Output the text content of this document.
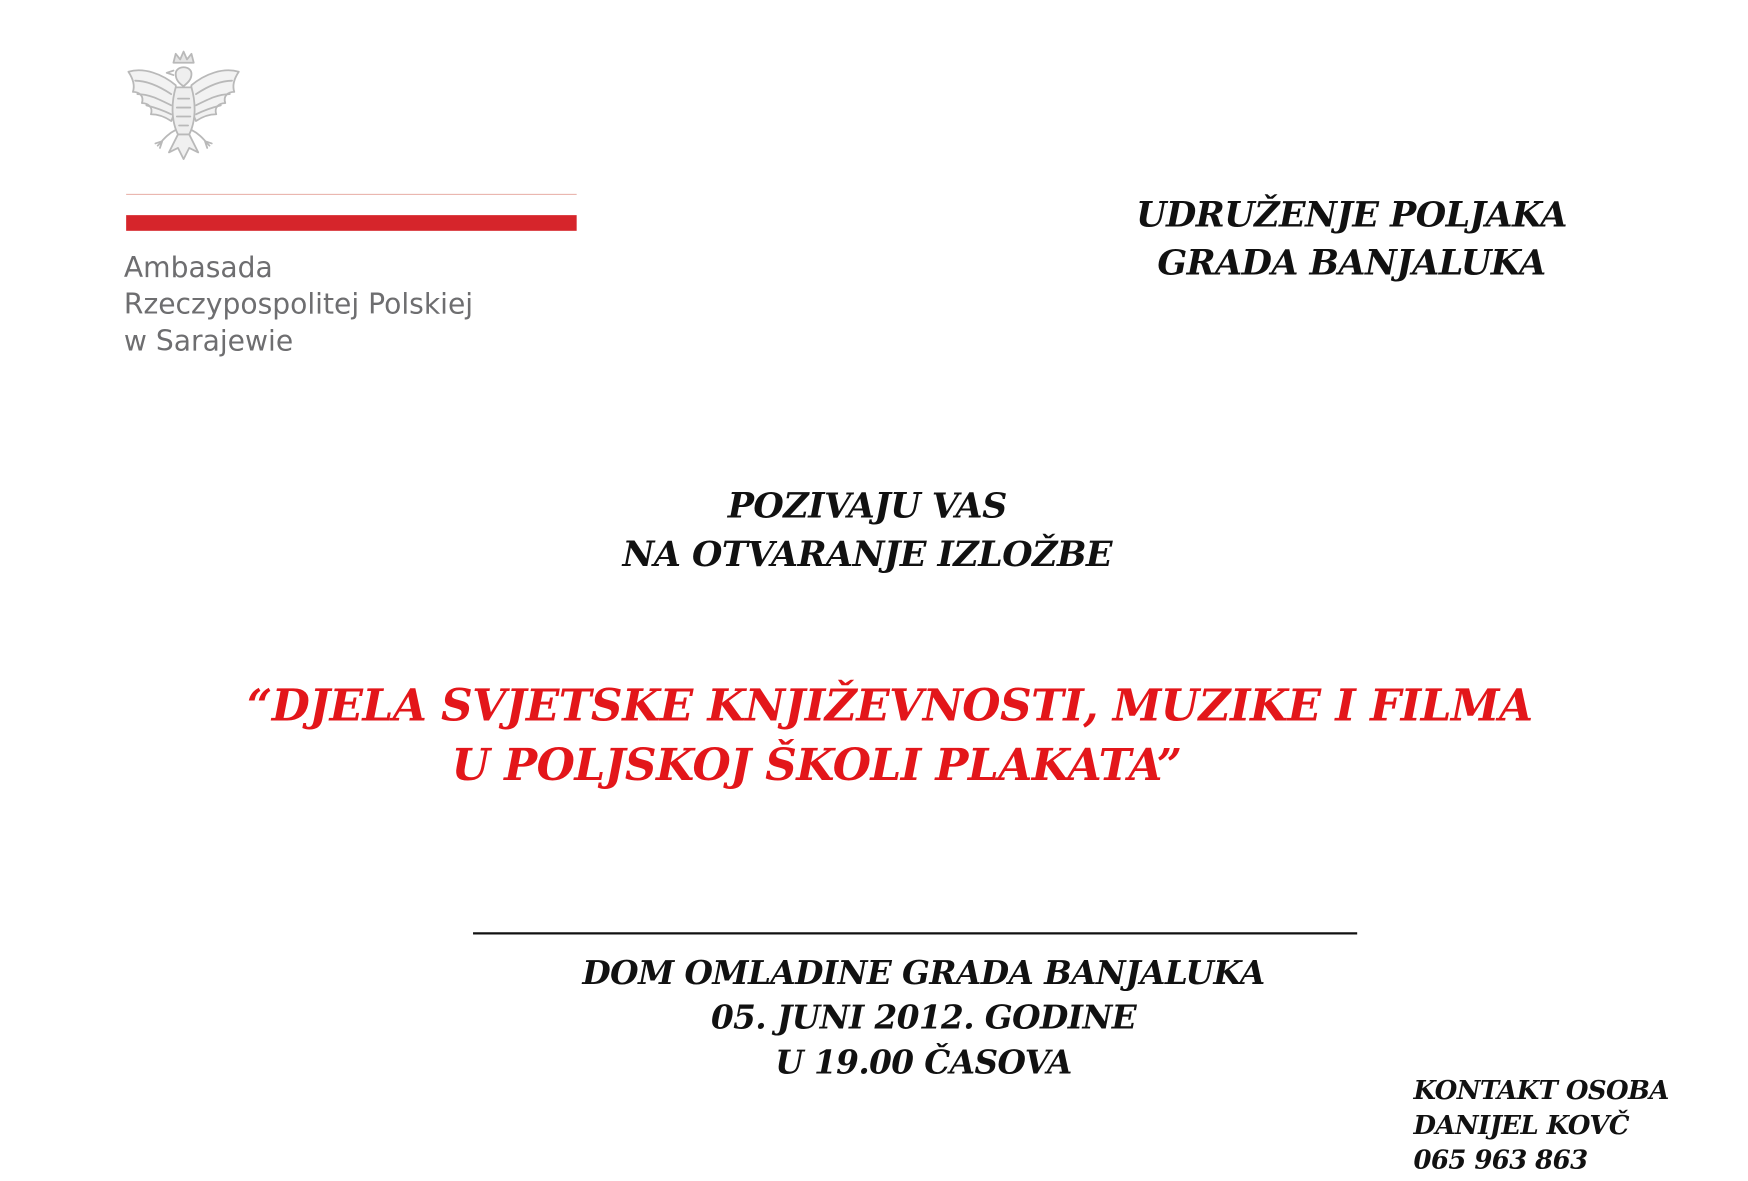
Ambasada
Rzeczypospolitej Polskiej
w Sarajewie
UDRUŽENJE POLJAKA
GRADA BANJALUKA
POZIVAJU VAS
NA OTVARANJE IZLOŽBE
“DJELA SVJETSKE KNJIŽEVNOSTI, MUZIKE I FILMA
U POLJSKOJ ŠKOLI PLAKATA”
DOM OMLADINE GRADA BANJALUKA
05. JUNI 2012. GODINE
U 19.00 ČASOVA
KONTAKT OSOBA
DANIJEL KOVČ
065 963 863
